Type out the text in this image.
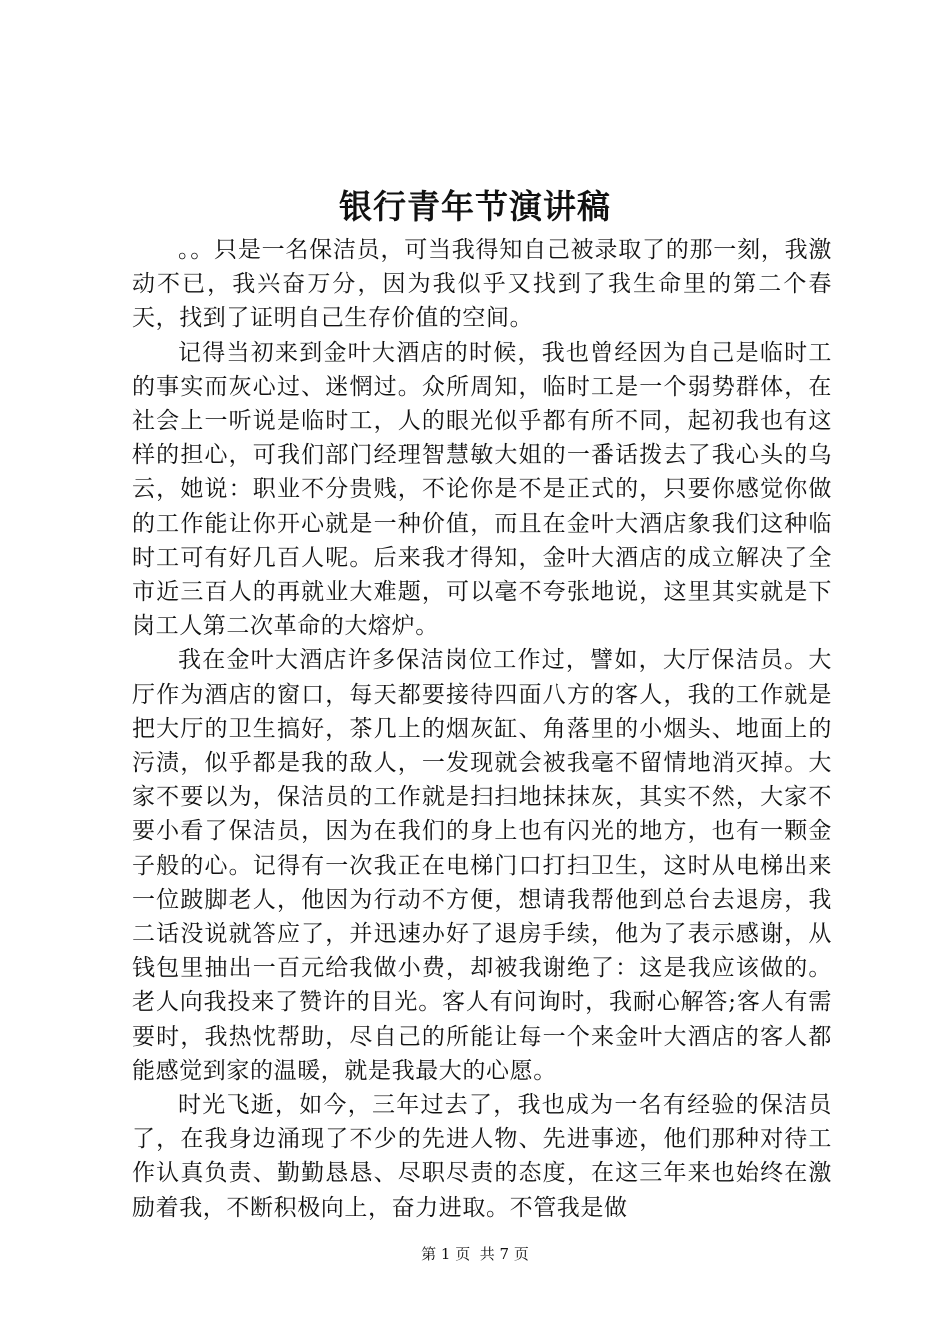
银行青年节演讲稿

。。只是一名保洁员，可当我得知自己被录取了的那一刻，我激动不已，我兴奋万分，因为我似乎又找到了我生命里的第二个春天，找到了证明自己生存价值的空间。

记得当初来到金叶大酒店的时候，我也曾经因为自己是临时工的事实而灰心过、迷惘过。众所周知，临时工是一个弱势群体，在社会上一听说是临时工，人的眼光似乎都有所不同，起初我也有这样的担心，可我们部门经理智慧敏大姐的一番话拨去了我心头的乌云，她说：职业不分贵贱，不论你是不是正式的，只要你感觉你做的工作能让你开心就是一种价值，而且在金叶大酒店象我们这种临时工可有好几百人呢。后来我才得知，金叶大酒店的成立解决了全市近三百人的再就业大难题，可以毫不夸张地说，这里其实就是下岗工人第二次革命的大熔炉。

我在金叶大酒店许多保洁岗位工作过，譬如，大厅保洁员。大厅作为酒店的窗口，每天都要接待四面八方的客人，我的工作就是把大厅的卫生搞好，茶几上的烟灰缸、角落里的小烟头、地面上的污渍，似乎都是我的敌人，一发现就会被我毫不留情地消灭掉。大家不要以为，保洁员的工作就是扫扫地抹抹灰，其实不然，大家不要小看了保洁员，因为在我们的身上也有闪光的地方，也有一颗金子般的心。记得有一次我正在电梯门口打扫卫生，这时从电梯出来一位跛脚老人，他因为行动不方便，想请我帮他到总台去退房，我二话没说就答应了，并迅速办好了退房手续，他为了表示感谢，从钱包里抽出一百元给我做小费，却被我谢绝了：这是我应该做的。老人向我投来了赞许的目光。客人有问询时，我耐心解答;客人有需要时，我热忱帮助，尽自己的所能让每一个来金叶大酒店的客人都能感觉到家的温暖，就是我最大的心愿。

时光飞逝，如今，三年过去了，我也成为一名有经验的保洁员了，在我身边涌现了不少的先进人物、先进事迹，他们那种对待工作认真负责、勤勤恳恳、尽职尽责的态度，在这三年来也始终在激励着我，不断积极向上，奋力进取。不管我是做

第 1 页  共 7 页
